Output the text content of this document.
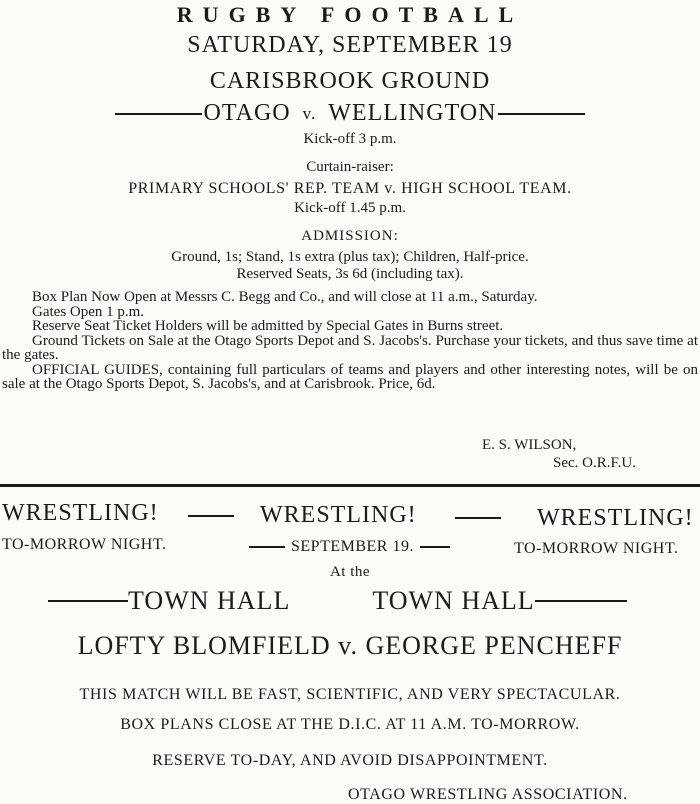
RUGBY FOOTBALL
SATURDAY, SEPTEMBER 19
CARISBROOK GROUND
OTAGO v. WELLINGTON
Kick-off 3 p.m.
Curtain-raiser:
PRIMARY SCHOOLS' REP. TEAM v. HIGH SCHOOL TEAM.
Kick-off 1.45 p.m.
ADMISSION:
Ground, 1s; Stand, 1s extra (plus tax); Children, Half-price.
Reserved Seats, 3s 6d (including tax).
Box Plan Now Open at Messrs C. Begg and Co., and will close at 11 a.m., Saturday.
Gates Open 1 p.m.
Reserve Seat Ticket Holders will be admitted by Special Gates in Burns street.
Ground Tickets on Sale at the Otago Sports Depot and S. Jacobs's. Purchase your tickets, and thus save time at the gates.
OFFICIAL GUIDES, containing full particulars of teams and players and other interesting notes, will be on sale at the Otago Sports Depot, S. Jacobs's, and at Carisbrook. Price, 6d.
E. S. WILSON,
Sec. O.R.F.U.
WRESTLING!	WRESTLING!	WRESTLING!
TO-MORROW NIGHT.	SEPTEMBER 19.	TO-MORROW NIGHT.
At the
TOWN HALL	TOWN HALL
LOFTY BLOMFIELD v. GEORGE PENCHEFF
THIS MATCH WILL BE FAST, SCIENTIFIC, AND VERY SPECTACULAR.
BOX PLANS CLOSE AT THE D.I.C. AT 11 A.M. TO-MORROW.
RESERVE TO-DAY, AND AVOID DISAPPOINTMENT.
OTAGO WRESTLING ASSOCIATION.
